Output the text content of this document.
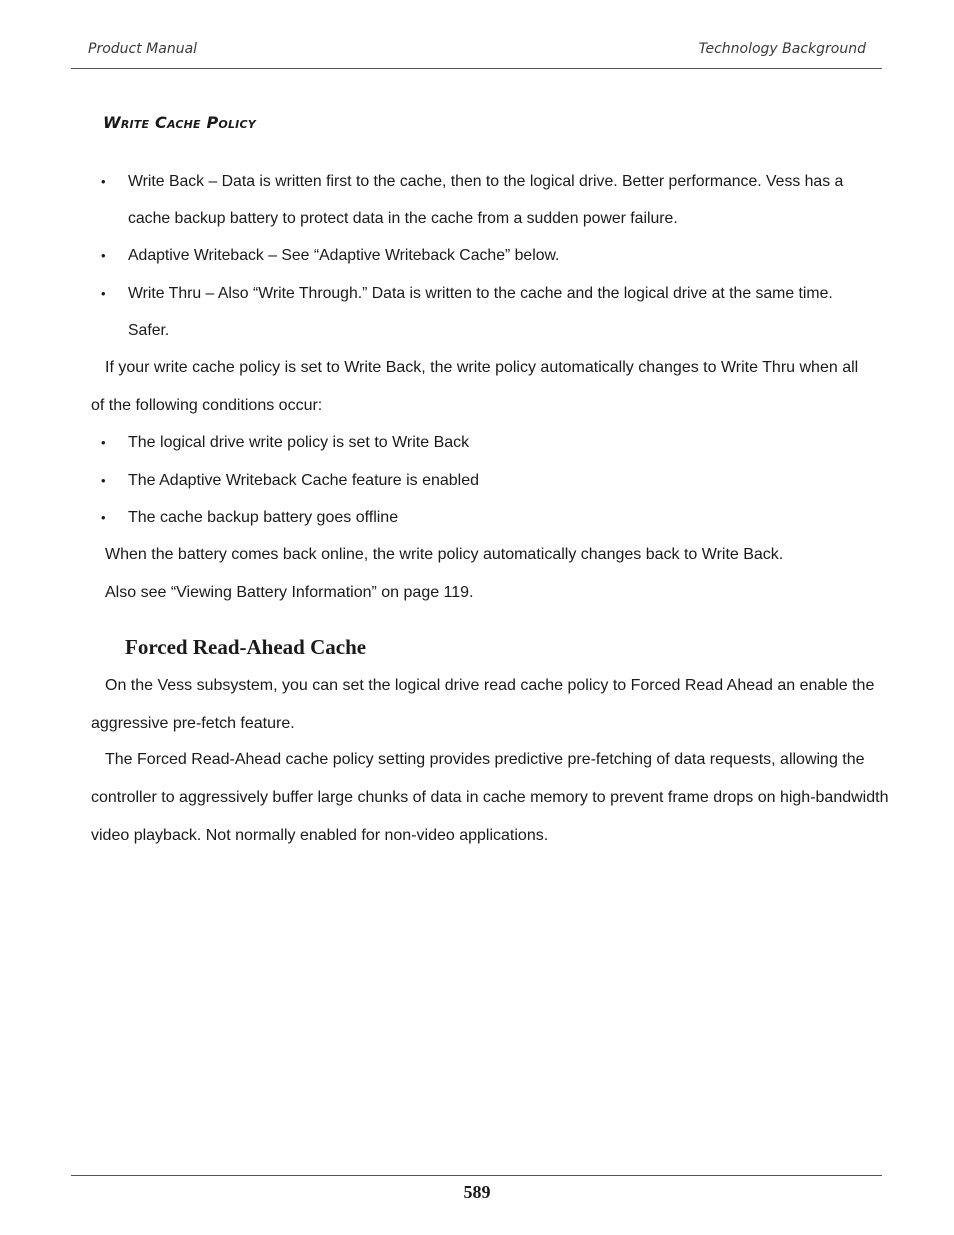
Product Manual	Technology Background
Write Cache Policy
• Write Back – Data is written first to the cache, then to the logical drive. Better performance. Vess has a
cache backup battery to protect data in the cache from a sudden power failure.
• Adaptive Writeback – See “Adaptive Writeback Cache” below.
• Write Thru – Also “Write Through.” Data is written to the cache and the logical drive at the same time.
Safer.
If your write cache policy is set to Write Back, the write policy automatically changes to Write Thru when all
of the following conditions occur:
• The logical drive write policy is set to Write Back
• The Adaptive Writeback Cache feature is enabled
• The cache backup battery goes offline
When the battery comes back online, the write policy automatically changes back to Write Back.
Also see “Viewing Battery Information” on page 119.
Forced Read-Ahead Cache
On the Vess subsystem, you can set the logical drive read cache policy to Forced Read Ahead an enable the
aggressive pre-fetch feature.
The Forced Read-Ahead cache policy setting provides predictive pre-fetching of data requests, allowing the
controller to aggressively buffer large chunks of data in cache memory to prevent frame drops on high-bandwidth
video playback. Not normally enabled for non-video applications.
589
